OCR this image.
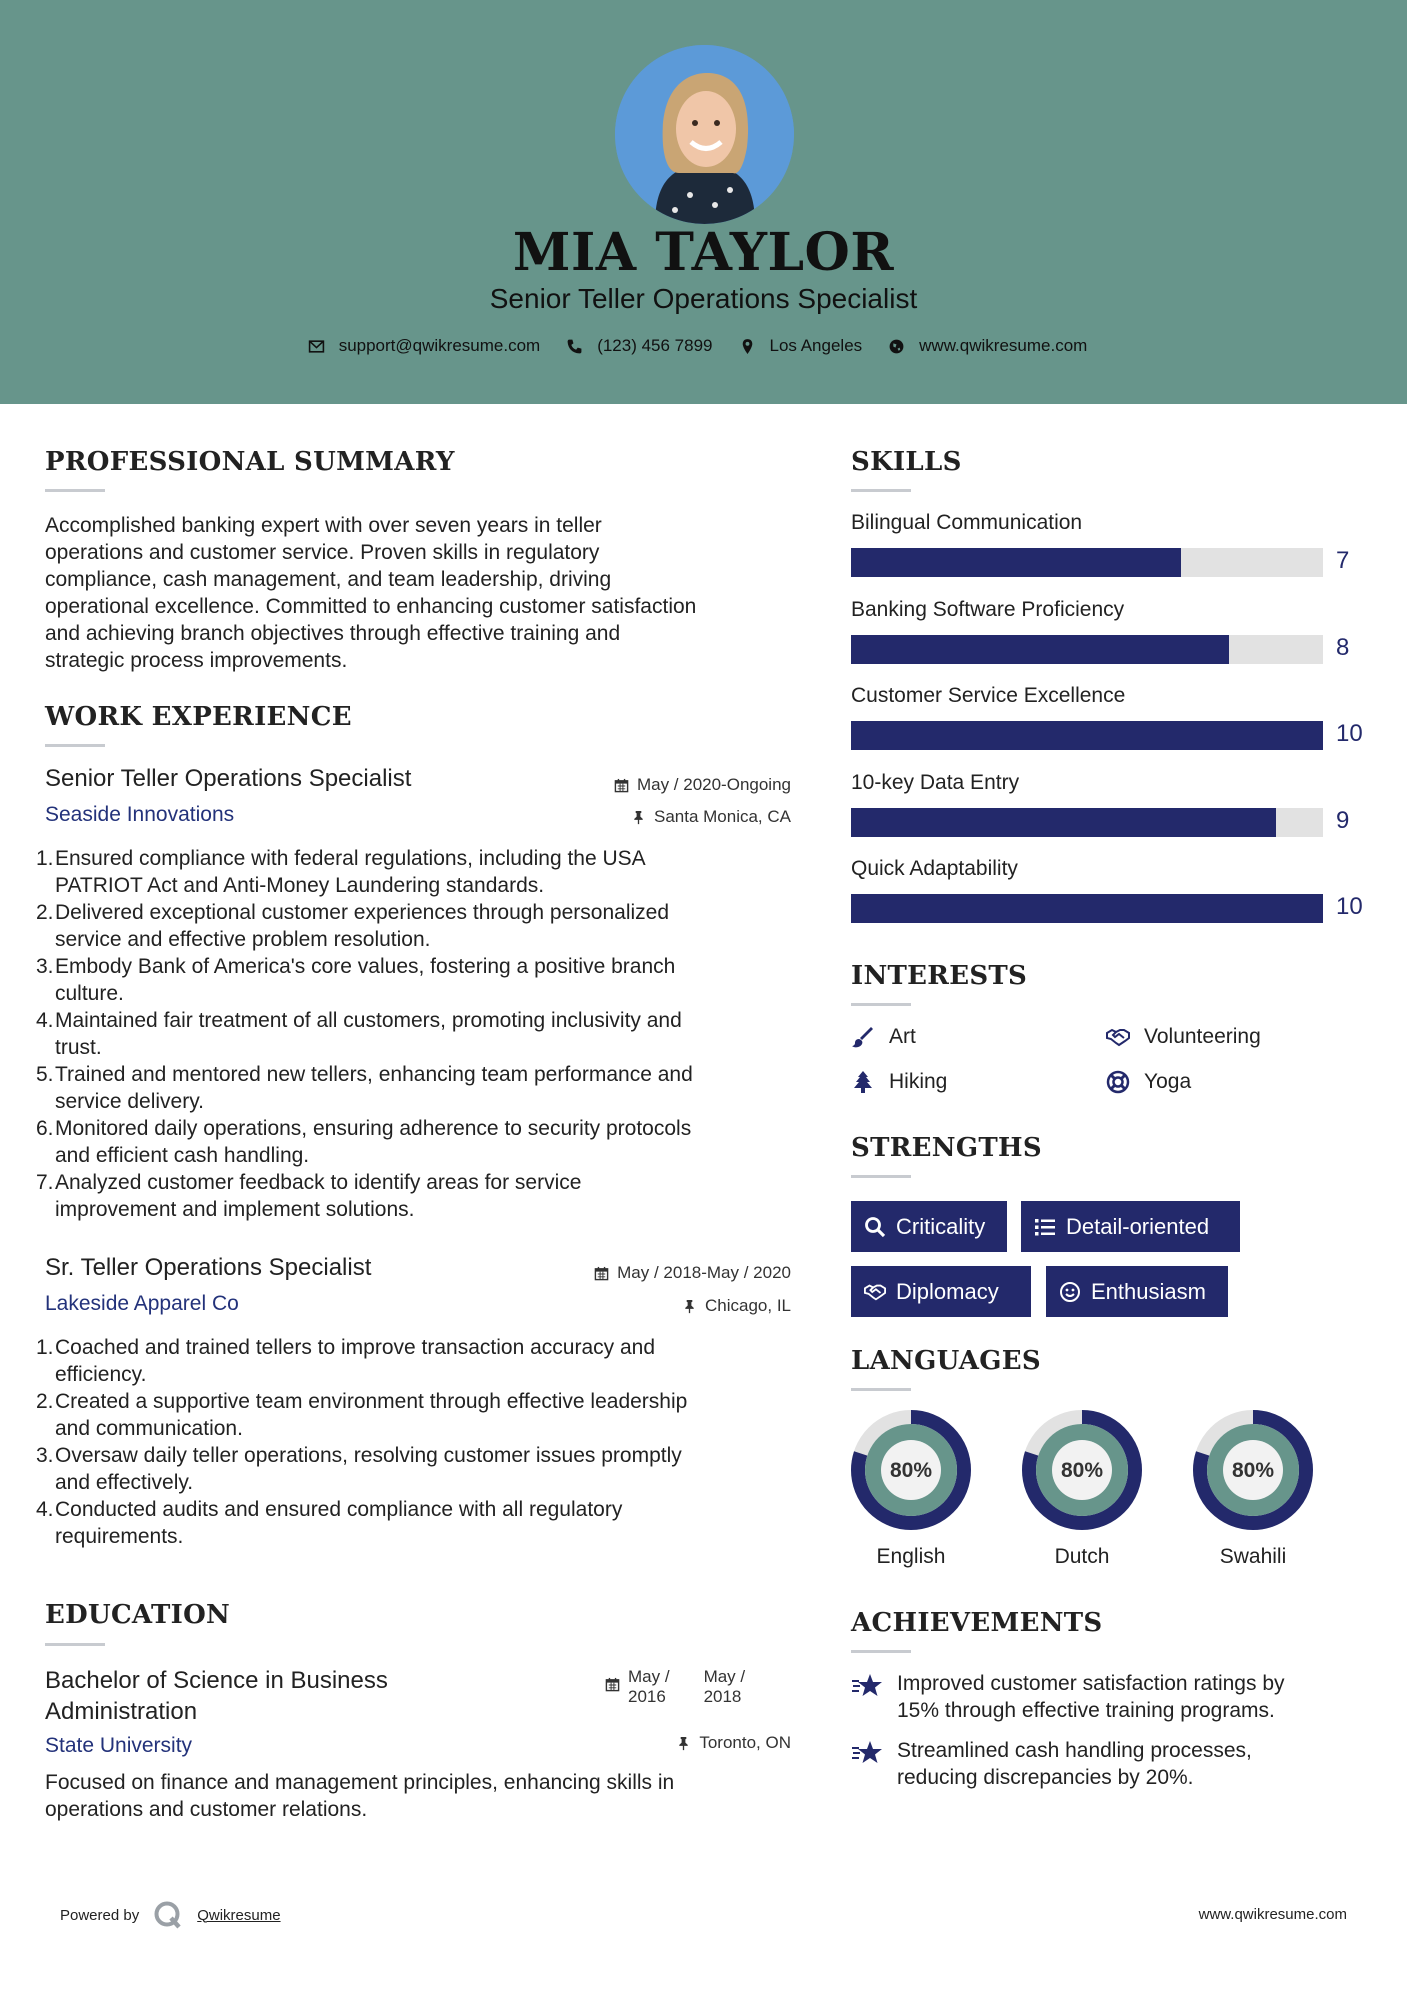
MIA TAYLOR
Senior Teller Operations Specialist
support@qwikresume.com	(123) 456 7899	Los Angeles	www.qwikresume.com
PROFESSIONAL SUMMARY
Accomplished banking expert with over seven years in teller
operations and customer service. Proven skills in regulatory
compliance, cash management, and team leadership, driving
operational excellence. Committed to enhancing customer satisfaction
and achieving branch objectives through effective training and
strategic process improvements.
WORK EXPERIENCE
Senior Teller Operations Specialist	May / 2020-Ongoing
Seaside Innovations	Santa Monica, CA
1. Ensured compliance with federal regulations, including the USA
PATRIOT Act and Anti-Money Laundering standards.
2. Delivered exceptional customer experiences through personalized
service and effective problem resolution.
3. Embody Bank of America's core values, fostering a positive branch
culture.
4. Maintained fair treatment of all customers, promoting inclusivity and
trust.
5. Trained and mentored new tellers, enhancing team performance and
service delivery.
6. Monitored daily operations, ensuring adherence to security protocols
and efficient cash handling.
7. Analyzed customer feedback to identify areas for service
improvement and implement solutions.
Sr. Teller Operations Specialist	May / 2018-May / 2020
Lakeside Apparel Co	Chicago, IL
1. Coached and trained tellers to improve transaction accuracy and
efficiency.
2. Created a supportive team environment through effective leadership
and communication.
3. Oversaw daily teller operations, resolving customer issues promptly
and effectively.
4. Conducted audits and ensured compliance with all regulatory
requirements.
EDUCATION
Bachelor of Science in Business
Administration
May /
2016
May /
2018
State University	Toronto, ON
Focused on finance and management principles, enhancing skills in
operations and customer relations.
SKILLS
Bilingual Communication
7
Banking Software Proficiency
8
Customer Service Excellence
10
10-key Data Entry
9
Quick Adaptability
10
INTERESTS
Art	Volunteering
Hiking	Yoga
STRENGTHS
Criticality	Detail-oriented
Diplomacy	Enthusiasm
LANGUAGES
80%
English
80%
Dutch
80%
Swahili
ACHIEVEMENTS
Improved customer satisfaction ratings by
15% through effective training programs.
Streamlined cash handling processes,
reducing discrepancies by 20%.
Powered by	Qwikresume	www.qwikresume.com
